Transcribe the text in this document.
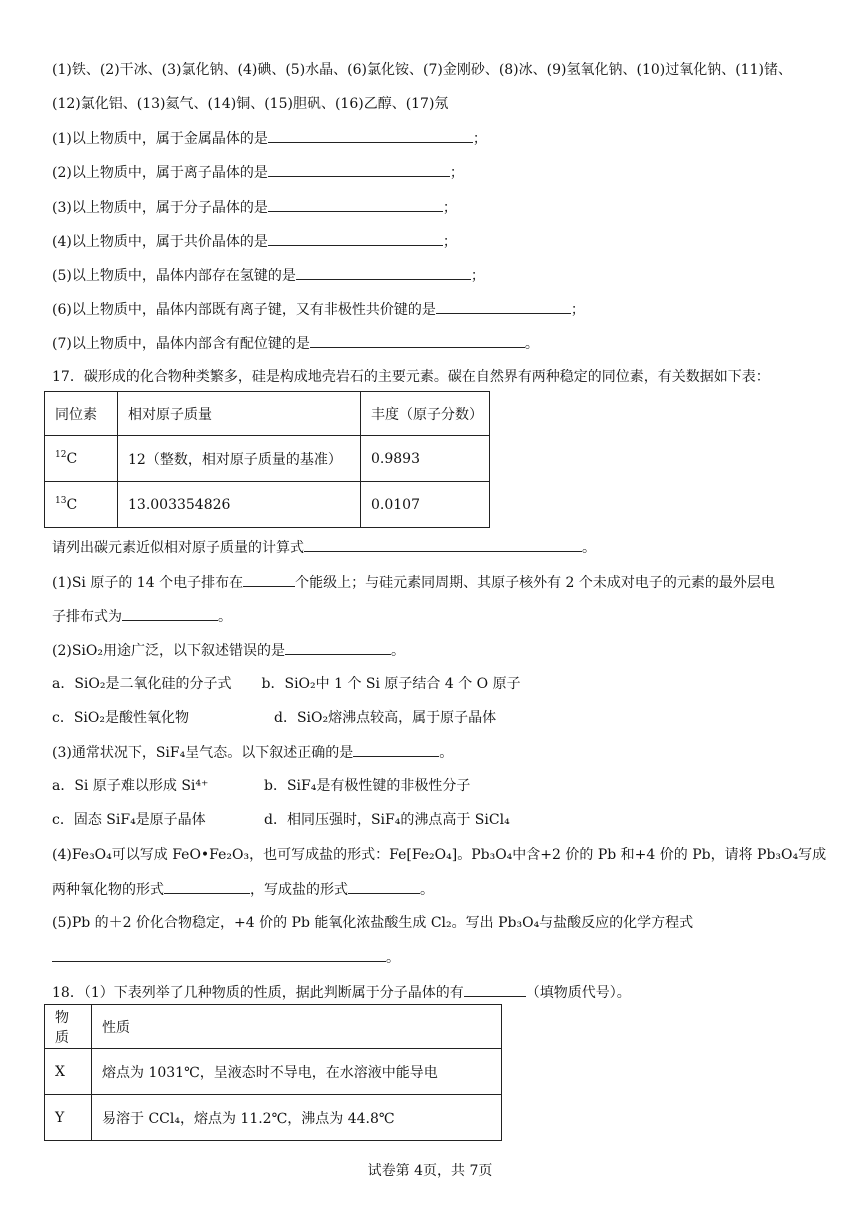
(1)铁、(2)干冰、(3)氯化钠、(4)碘、(5)水晶、(6)氯化铵、(7)金刚砂、(8)冰、(9)氢氧化钠、(10)过氧化钠、(11)锗、
(12)氯化铝、(13)氦气、(14)铜、(15)胆矾、(16)乙醇、(17)氖
(1)以上物质中，属于金属晶体的是	；
(2)以上物质中，属于离子晶体的是	；
(3)以上物质中，属于分子晶体的是	；
(4)以上物质中，属于共价晶体的是	；
(5)以上物质中，晶体内部存在氢键的是	；
(6)以上物质中，晶体内部既有离子键，又有非极性共价键的是	；
(7)以上物质中，晶体内部含有配位键的是	。
17．碳形成的化合物种类繁多，硅是构成地壳岩石的主要元素。碳在自然界有两种稳定的同位素，有关数据如下表：
同位素	相对原子质量	丰度（原子分数）
$^{12}$C	12（整数，相对原子质量的基准）	0.9893
$^{13}$C	13.003354826	0.0107
请列出碳元素近似相对原子质量的计算式	。
(1)Si 原子的 14 个电子排布在	个能级上；与硅元素同周期、其原子核外有 2 个未成对电子的元素的最外层电
子排布式为	。
(2)SiO₂用途广泛，以下叙述错误的是	。
a．SiO₂是二氧化硅的分子式 b．SiO₂中 1 个 Si 原子结合 4 个 O 原子
c．SiO₂是酸性氧化物	d．SiO₂熔沸点较高，属于原子晶体
(3)通常状况下，SiF₄呈气态。以下叙述正确的是	。
a．Si 原子难以形成 Si⁴⁺	b．SiF₄是有极性键的非极性分子
c．固态 SiF₄是原子晶体	d．相同压强时，SiF₄的沸点高于 SiCl₄
(4)Fe₃O₄可以写成 FeO•Fe₂O₃，也可写成盐的形式：Fe[Fe₂O₄]。Pb₃O₄中含+2 价的 Pb 和+4 价的 Pb，请将 Pb₃O₄写成
两种氧化物的形式	，写成盐的形式	。
(5)Pb 的＋2 价化合物稳定，+4 价的 Pb 能氧化浓盐酸生成 Cl₂。写出 Pb₃O₄与盐酸反应的化学方程式
。
18．（1）下表列举了几种物质的性质，据此判断属于分子晶体的有	（填物质代号）。
物质	性质
X	熔点为 1031℃，呈液态时不导电，在水溶液中能导电
Y	易溶于 CCl₄，熔点为 11.2℃，沸点为 44.8℃
试卷第 4页，共 7页
